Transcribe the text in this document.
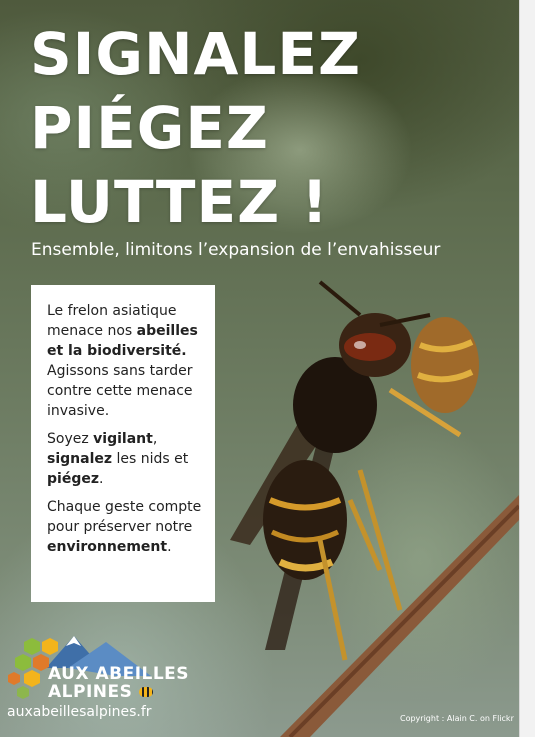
SIGNALEZ
PIÉGEZ
LUTTEZ !
Ensemble, limitons l’expansion de l’envahisseur

Le frelon asiatique menace nos abeilles et la biodiversité. Agissons sans tarder contre cette menace invasive.

Soyez vigilant,
signalez les nids et piégez.

Chaque geste compte pour préserver notre environnement.

AUX ABEILLES
ALPINES
auxabeillesalpines.fr	Copyright : Alain C. on Flickr
